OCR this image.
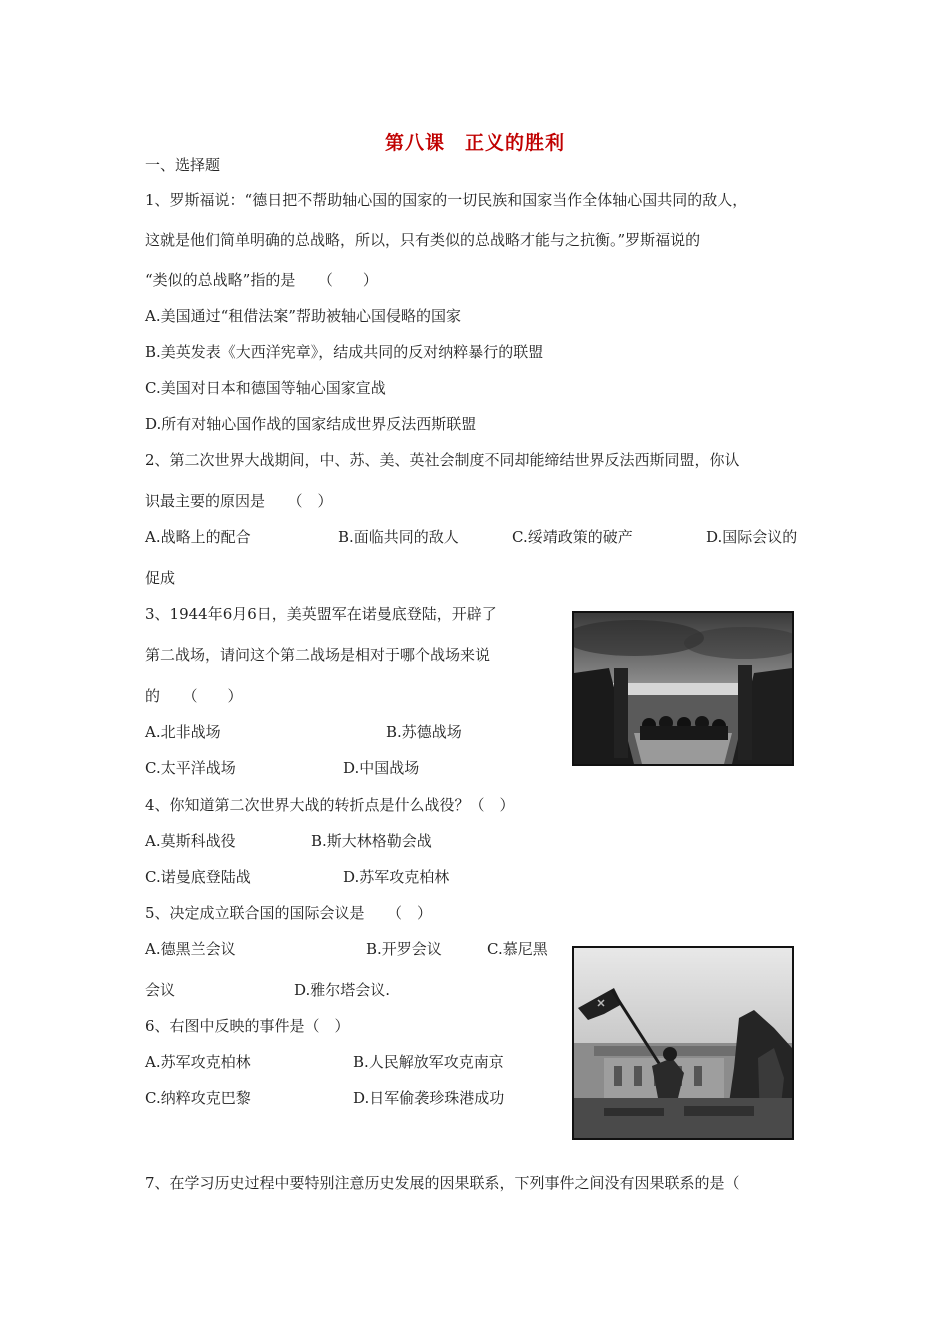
第八课　正义的胜利
一、选择题
1、罗斯福说：“德日把不帮助轴心国的国家的一切民族和国家当作全体轴心国共同的敌人，
这就是他们简单明确的总战略，所以，只有类似的总战略才能与之抗衡。”罗斯福说的
“类似的总战略”指的是　　（　　）
A.美国通过“租借法案”帮助被轴心国侵略的国家
B.美英发表《大西洋宪章》，结成共同的反对纳粹暴行的联盟
C.美国对日本和德国等轴心国家宣战
D.所有对轴心国作战的国家结成世界反法西斯联盟
2、第二次世界大战期间，中、苏、美、英社会制度不同却能缔结世界反法西斯同盟，你认
识最主要的原因是　　（　）
A.战略上的配合	B.面临共同的敌人	C.绥靖政策的破产	D.国际会议的
促成
3、1944年6月6日，美英盟军在诺曼底登陆，开辟了
第二战场，请问这个第二战场是相对于哪个战场来说
的　　（　　）
A.北非战场	B.苏德战场
C.太平洋战场	D.中国战场
4、你知道第二次世界大战的转折点是什么战役？（　）
A.莫斯科战役	B.斯大林格勒会战
C.诺曼底登陆战	D.苏军攻克柏林
5、决定成立联合国的国际会议是　　（　）
A.德黑兰会议	B.开罗会议	C.慕尼黑
会议	D.雅尔塔会议.
6、右图中反映的事件是（　）
A.苏军攻克柏林	B.人民解放军攻克南京
C.纳粹攻克巴黎	D.日军偷袭珍珠港成功
7、在学习历史过程中要特别注意历史发展的因果联系，下列事件之间没有因果联系的是（
